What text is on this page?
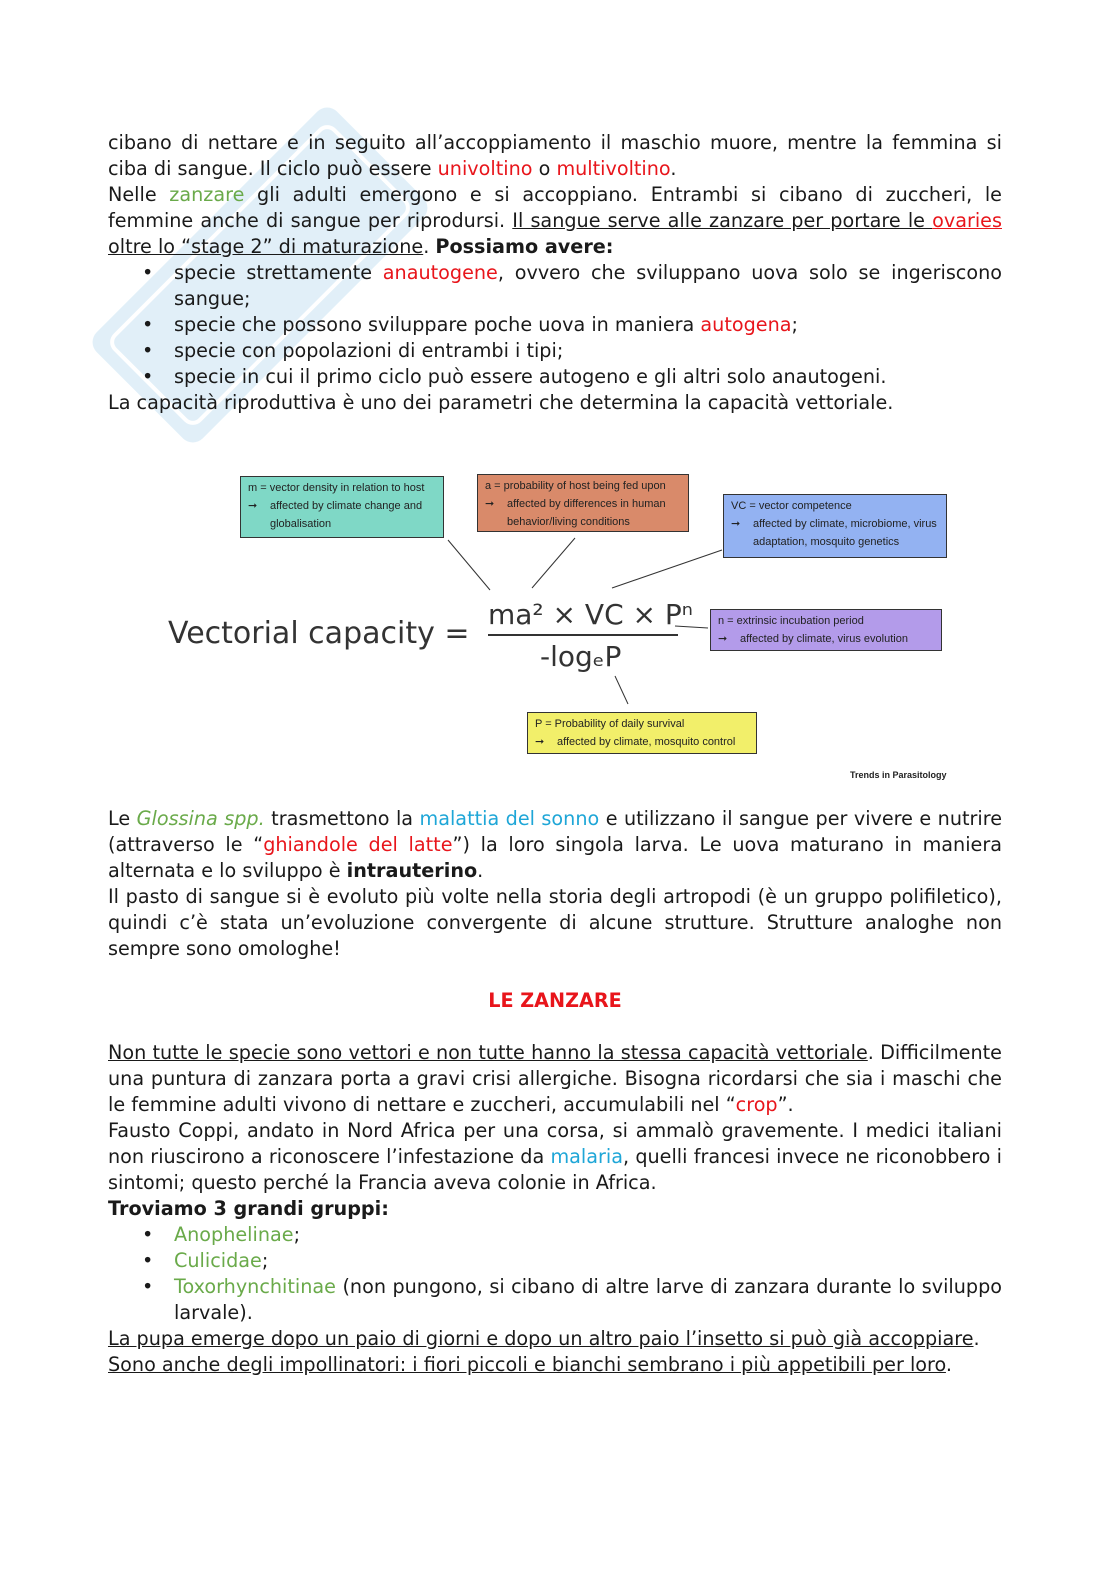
cibano di nettare e in seguito all’accoppiamento il maschio muore, mentre la femmina si ciba di sangue. Il ciclo può essere univoltino o multivoltino.

Nelle zanzare gli adulti emergono e si accoppiano. Entrambi si cibano di zuccheri, le femmine anche di sangue per riprodursi. Il sangue serve alle zanzare per portare le ovaries oltre lo “stage 2” di maturazione. Possiamo avere:

• specie strettamente anautogene, ovvero che sviluppano uova solo se ingeriscono sangue;
• specie che possono sviluppare poche uova in maniera autogena;
• specie con popolazioni di entrambi i tipi;
• specie in cui il primo ciclo può essere autogeno e gli altri solo anautogeni.

La capacità riproduttiva è uno dei parametri che determina la capacità vettoriale.

m = vector density in relation to host
➞ affected by climate change and globalisation
a = probability of host being fed upon
➞ affected by differences in human behavior/living conditions
VC = vector competence
➞ affected by climate, microbiome, virus adaptation, mosquito genetics
n = extrinsic incubation period
➞ affected by climate, virus evolution
P = Probability of daily survival
➞ affected by climate, mosquito control
Vectorial capacity =
ma² × VC × Pⁿ
-logₑP
Trends in Parasitology

Le Glossina spp. trasmettono la malattia del sonno e utilizzano il sangue per vivere e nutrire (attraverso le “ghiandole del latte”) la loro singola larva. Le uova maturano in maniera alternata e lo sviluppo è intrauterino.

Il pasto di sangue si è evoluto più volte nella storia degli artropodi (è un gruppo polifiletico), quindi c’è stata un’evoluzione convergente di alcune strutture. Strutture analoghe non sempre sono omologhe!

LE ZANZARE

Non tutte le specie sono vettori e non tutte hanno la stessa capacità vettoriale. Difficilmente una puntura di zanzara porta a gravi crisi allergiche. Bisogna ricordarsi che sia i maschi che le femmine adulti vivono di nettare e zuccheri, accumulabili nel “crop”.

Fausto Coppi, andato in Nord Africa per una corsa, si ammalò gravemente. I medici italiani non riuscirono a riconoscere l’infestazione da malaria, quelli francesi invece ne riconobbero i sintomi; questo perché la Francia aveva colonie in Africa.

Troviamo 3 grandi gruppi:

• Anophelinae;
• Culicidae;
• Toxorhynchitinae (non pungono, si cibano di altre larve di zanzara durante lo sviluppo larvale).

La pupa emerge dopo un paio di giorni e dopo un altro paio l’insetto si può già accoppiare.

Sono anche degli impollinatori: i fiori piccoli e bianchi sembrano i più appetibili per loro.
